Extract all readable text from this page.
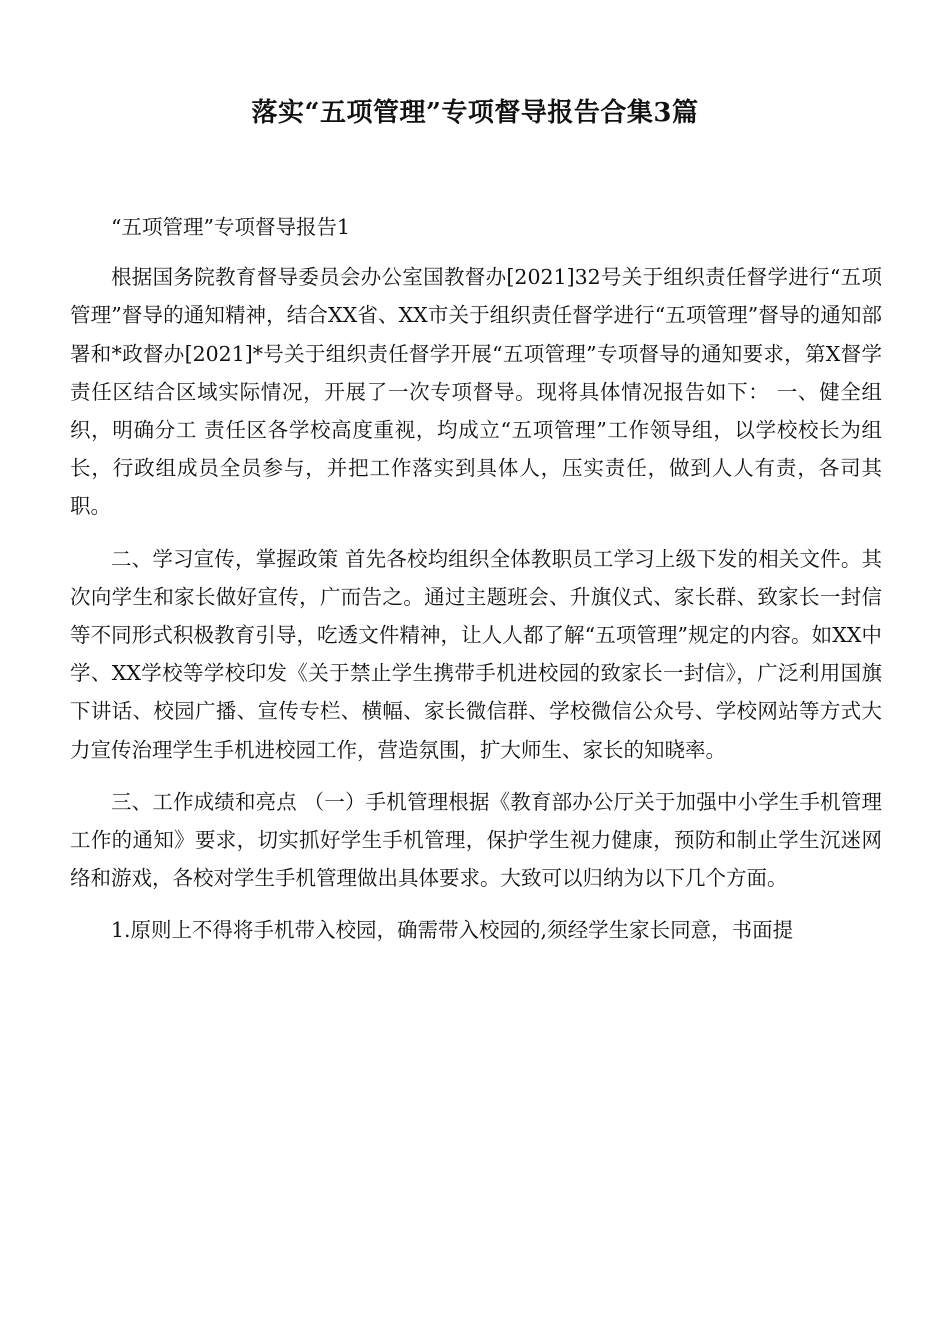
落实“五项管理”专项督导报告合集3篇

“五项管理”专项督导报告1

根据国务院教育督导委员会办公室国教督办[2021]32号关于组织责任督学进行“五项管理”督导的通知精神，结合XX省、XX市关于组织责任督学进行“五项管理”督导的通知部署和*政督办[2021]*号关于组织责任督学开展“五项管理”专项督导的通知要求，第X督学责任区结合区域实际情况，开展了一次专项督导。现将具体情况报告如下： 一、健全组织，明确分工 责任区各学校高度重视，均成立“五项管理”工作领导组，以学校校长为组长，行政组成员全员参与，并把工作落实到具体人，压实责任，做到人人有责，各司其职。

二、学习宣传，掌握政策 首先各校均组织全体教职员工学习上级下发的相关文件。其次向学生和家长做好宣传，广而告之。通过主题班会、升旗仪式、家长群、致家长一封信等不同形式积极教育引导，吃透文件精神，让人人都了解“五项管理”规定的内容。如XX中学、XX学校等学校印发《关于禁止学生携带手机进校园的致家长一封信》，广泛利用国旗下讲话、校园广播、宣传专栏、横幅、家长微信群、学校微信公众号、学校网站等方式大力宣传治理学生手机进校园工作，营造氛围，扩大师生、家长的知晓率。

三、工作成绩和亮点 （一）手机管理根据《教育部办公厅关于加强中小学生手机管理工作的通知》要求，切实抓好学生手机管理，保护学生视力健康，预防和制止学生沉迷网络和游戏，各校对学生手机管理做出具体要求。大致可以归纳为以下几个方面。

1.原则上不得将手机带入校园，确需带入校园的,须经学生家长同意，书面提
